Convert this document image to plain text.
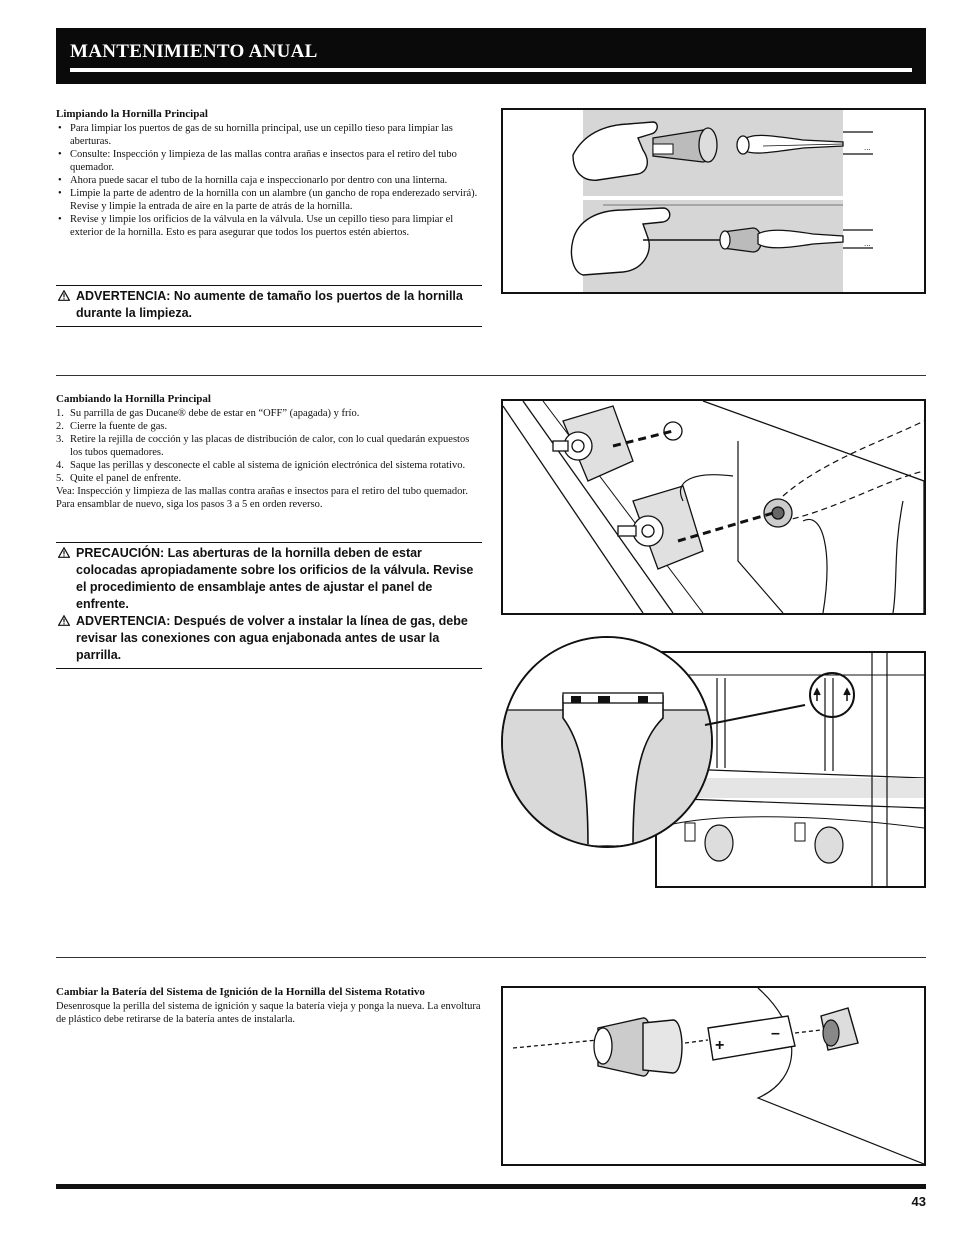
MANTENIMIENTO ANUAL
Limpiando la Hornilla Principal
• Para limpiar los puertos de gas de su hornilla principal, use un cepillo tieso para limpiar las aberturas.
• Consulte: Inspección y limpieza de las mallas contra arañas e insectos para el retiro del tubo quemador.
• Ahora puede sacar el tubo de la hornilla caja e inspeccionarlo por dentro con una linterna.
• Limpie la parte de adentro de la hornilla con un alambre (un gancho de ropa enderezado servirá).
Revise y limpie la entrada de aire en la parte de atrás de la hornilla.
• Revise y limpie los orificios de la válvula en la válvula. Use un cepillo tieso para limpiar el exterior de la hornilla. Esto es para asegurar que todos los puertos estén abiertos.
ADVERTENCIA: No aumente de tamaño los puertos de la hornilla durante la limpieza.
...
...
Cambiando la Hornilla Principal
1. Su parrilla de gas Ducane® debe de estar en “OFF” (apagada) y frío.
2. Cierre la fuente de gas.
3. Retire la rejilla de cocción y las placas de distribución de calor, con lo cual quedarán expuestos los tubos quemadores.
4. Saque las perillas y desconecte el cable al sistema de ignición electrónica del sistema rotativo.
5. Quite el panel de enfrente.
Vea: Inspección y limpieza de las mallas contra arañas e insectos para el retiro del tubo quemador.
Para ensamblar de nuevo, siga los pasos 3 a 5 en orden reverso.
PRECAUCIÓN: Las aberturas de la hornilla deben de estar colocadas apropiadamente sobre los orificios de la válvula. Revise el procedimiento de ensamblaje antes de ajustar el panel de enfrente.
ADVERTENCIA: Después de volver a instalar la línea de gas, debe revisar las conexiones con agua enjabonada antes de usar la parrilla.
Cambiar la Batería del Sistema de Ignición de la Hornilla del Sistema Rotativo
Desenrosque la perilla del sistema de ignición y saque la batería vieja y ponga la nueva. La envoltura de plástico debe retirarse de la batería antes de instalarla.
+
–
43
